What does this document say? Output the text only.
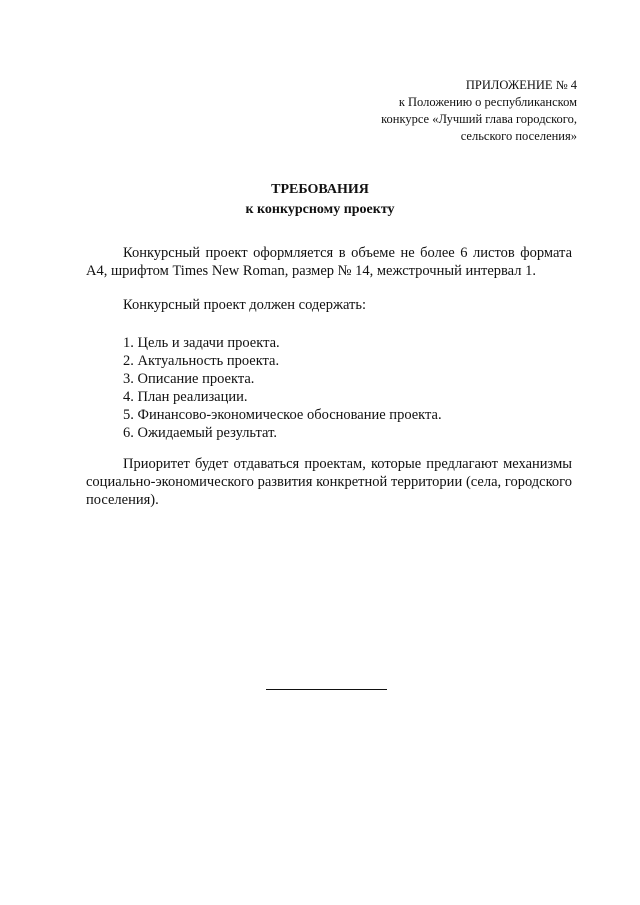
ПРИЛОЖЕНИЕ № 4
к Положению о республиканском
конкурсе «Лучший глава городского,
сельского поселения»
ТРЕБОВАНИЯ
к конкурсному проекту
Конкурсный проект оформляется в объеме не более 6 листов формата А4, шрифтом Times New Roman, размер № 14, межстрочный интервал 1.
Конкурсный проект должен содержать:
1. Цель и задачи проекта.
2. Актуальность проекта.
3. Описание проекта.
4. План реализации.
5. Финансово-экономическое обоснование проекта.
6. Ожидаемый результат.
Приоритет будет отдаваться проектам, которые предлагают механизмы социально-экономического развития конкретной территории (села, городского поселения).
